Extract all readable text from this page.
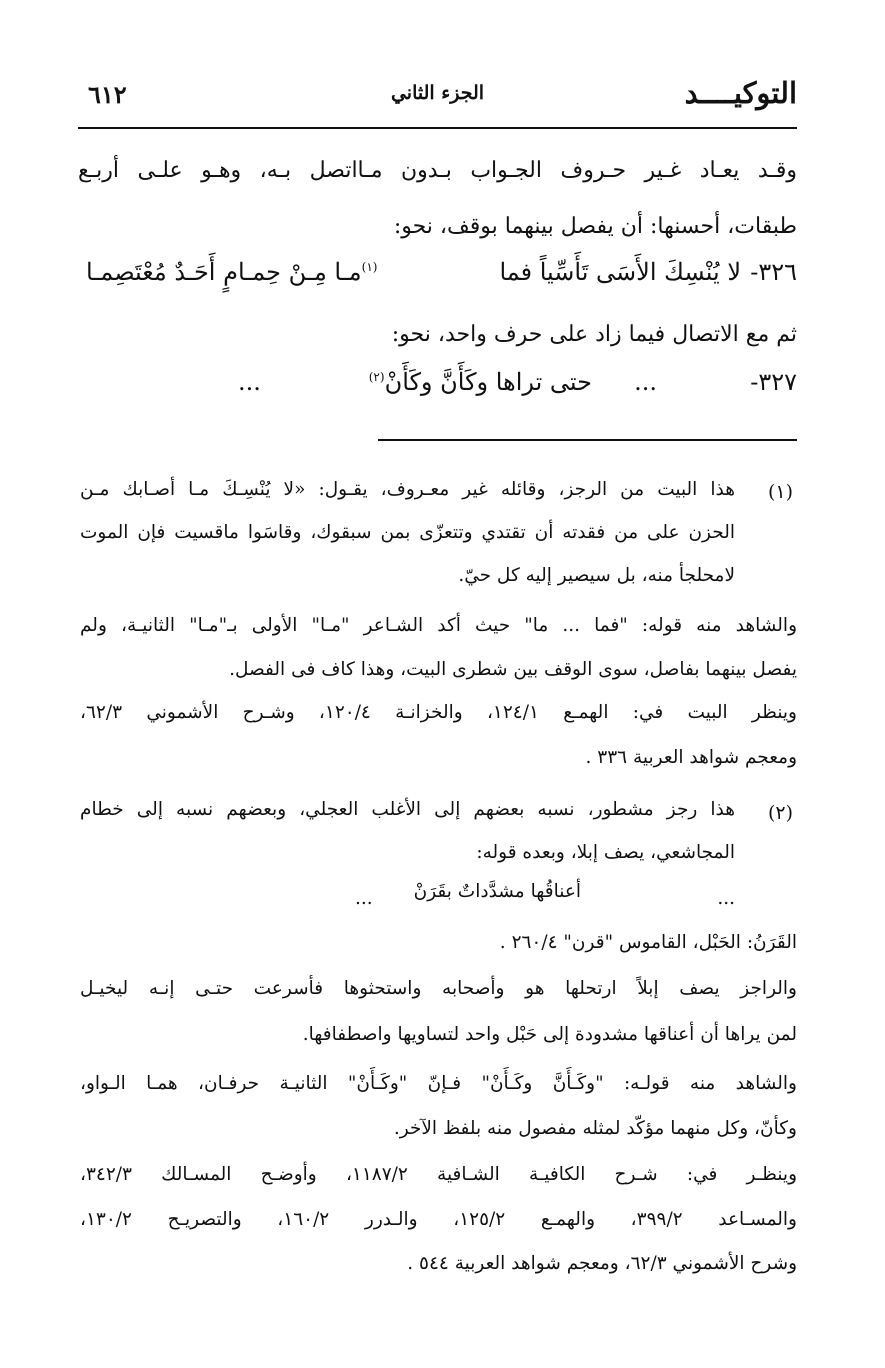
التوكيــــد
الجزء الثاني
٦١٢
وقـد يعـاد غـير حـروف الجـواب بـدون مـااتصل بـه، وهـو علـى أربـع
طبقات، أحسنها: أن يفصل بينهما بوقف، نحو:
٣٢٦-
لا يُنْسِكَ الأَسَى تَأَسِّياً فما
$^{(١)}$مـا مِـنْ حِمـامٍ أَحَـدٌ مُعْتَصِمـا
ثم مع الاتصال فيما زاد على حرف واحد، نحو:
٣٢٧-
...
حتى تراها وكَأَنَّ وكَأَنْ$^{(٢)}$
...
(١)
هذا البيت من الرجز، وقائله غير معـروف، يقـول: «لا يُنْسِـكَ مـا أصـابك مـن
الحزن على من فقدته أن تقتدي وتتعزّى بمن سبقوك، وقاسَوا ماقسيت فإن الموت
لامحلجأ منه، بل سيصير إليه كل حيّ.
والشاهد منه قوله: "فما ... ما" حيث أكد الشـاعر "مـا" الأولى بـ"مـا" الثانيـة، ولم
يفصل بينهما بفاصل، سوى الوقف بين شطرى البيت، وهذا كاف فى الفصل.
وينظر البيت في: الهمـع ١٢٤/١، والخزانـة ١٢٠/٤، وشـرح الأشموني ٦٢/٣،
ومعجم شواهد العربية ٣٣٦ .
(٢)
هذا رجز مشطور، نسبه بعضهم إلى الأغلب العجلي، وبعضهم نسبه إلى خطام
المجاشعي، يصف إبلا، وبعده قوله:
...
أعناقُها مشدَّداتٌ بقَرَنْ
...
القَرَنُ: الحَبْل، القاموس "قرن" ٢٦٠/٤ .
والراجز يصف إبلاً ارتحلها هو وأصحابه واستحثوها فأسرعت حتـى إنـه ليخيـل
لمن يراها أن أعناقها مشدودة إلى حَبْل واحد لتساويها واصطفافها.
والشاهد منه قولـه: "وكَـأَنَّ وكَـأَنْ" فـإنّ "وكَـأَنْ" الثانيـة حرفـان، همـا الـواو،
وكأنّ، وكل منهما مؤكّد لمثله مفصول منه بلفظ الآخر.
وينظـر في: شـرح الكافيـة الشـافية ١١٨٧/٢، وأوضـح المسـالك ٣٤٢/٣،
والمسـاعد ٣٩٩/٢، والهمـع ١٢٥/٢، والـدرر ١٦٠/٢، والتصريـح ١٣٠/٢،
وشرح الأشموني ٦٢/٣، ومعجم شواهد العربية ٥٤٤ .
